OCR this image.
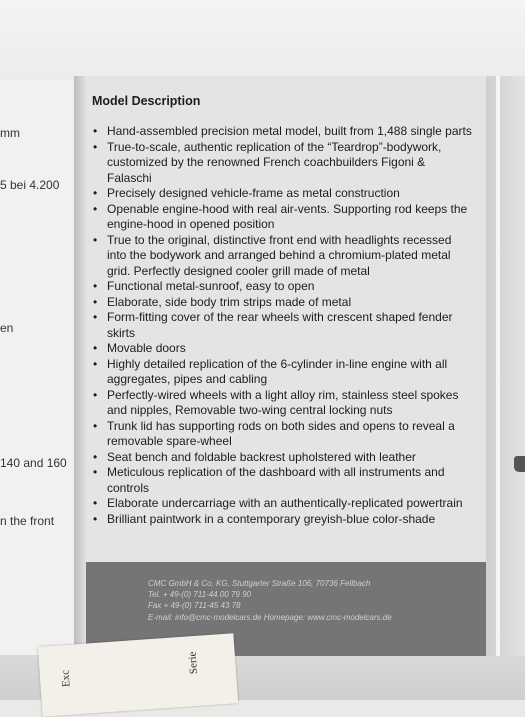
mm
5 bei 4.200
en
140 and 160
n the front
Model Description
• Hand-assembled precision metal model, built from 1,488 single parts
• True-to-scale, authentic replication of the “Teardrop”-bodywork, customized by the renowned French coachbuilders Figoni & Falaschi
• Precisely designed vehicle-frame as metal construction
• Openable engine-hood with real air-vents. Supporting rod keeps the engine-hood in opened position
• True to the original, distinctive front end with headlights recessed into the bodywork and arranged behind a chromium-plated metal grid. Perfectly designed cooler grill made of metal
• Functional metal-sunroof, easy to open
• Elaborate, side body trim strips made of metal
• Form-fitting cover of the rear wheels with crescent shaped fender skirts
• Movable doors
• Highly detailed replication of the 6-cylinder in-line engine with all aggregates, pipes and cabling
• Perfectly-wired wheels with a light alloy rim, stainless steel spokes and nipples, Removable two-wing central locking nuts
• Trunk lid has supporting rods on both sides and opens to reveal a removable spare-wheel
• Seat bench and foldable backrest upholstered with leather
• Meticulous replication of the dashboard with all instruments and controls
• Elaborate undercarriage with an authentically-replicated powertrain
• Brilliant paintwork in a contemporary greyish-blue color-shade
CMC GmbH & Co. KG, Stuttgarter Straße 106, 70736 Fellbach
Tel. + 49-(0) 711-44 00 79 90
Fax + 49-(0) 711-45 43 78
E-mail: info@cmc-modelcars.de Homepage: www.cmc-modelcars.de
Exc
Serie
